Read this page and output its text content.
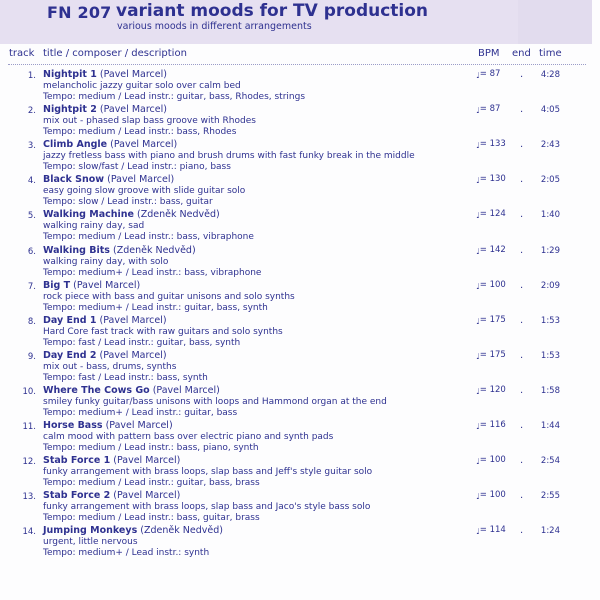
FN 207 variant moods for TV production
various moods in different arrangements
track title / composer / description	BPM end time
1. Nightpit 1 (Pavel Marcel)
melancholic jazzy guitar solo over calm bed
Tempo: medium / Lead instr.: guitar, bass, Rhodes, strings
♩= 87 .	4:28
2. Nightpit 2 (Pavel Marcel)
mix out - phased slap bass groove with Rhodes
Tempo: medium / Lead instr.: bass, Rhodes
♩= 87 .	4:05
3. Climb Angle (Pavel Marcel)
jazzy fretless bass with piano and brush drums with fast funky break in the middle
Tempo: slow/fast / Lead instr.: piano, bass
♩= 133 .	2:43
4. Black Snow (Pavel Marcel)
easy going slow groove with slide guitar solo
Tempo: slow / Lead instr.: bass, guitar
♩= 130 .	2:05
5. Walking Machine (Zdeněk Nedvěd)
walking rainy day, sad
Tempo: medium / Lead instr.: bass, vibraphone
♩= 124 .	1:40
6. Walking Bits (Zdeněk Nedvěd)
walking rainy day, with solo
Tempo: medium+ / Lead instr.: bass, vibraphone
♩= 142 .	1:29
7. Big T (Pavel Marcel)
rock piece with bass and guitar unisons and solo synths
Tempo: medium+ / Lead instr.: guitar, bass, synth
♩= 100 .	2:09
8. Day End 1 (Pavel Marcel)
Hard Core fast track with raw guitars and solo synths
Tempo: fast / Lead instr.: guitar, bass, synth
♩= 175 .	1:53
9. Day End 2 (Pavel Marcel)
mix out - bass, drums, synths
Tempo: fast / Lead instr.: bass, synth
♩= 175 .	1:53
10. Where The Cows Go (Pavel Marcel)
smiley funky guitar/bass unisons with loops and Hammond organ at the end
Tempo: medium+ / Lead instr.: guitar, bass
♩= 120 .	1:58
11. Horse Bass (Pavel Marcel)
calm mood with pattern bass over electric piano and synth pads
Tempo: medium / Lead instr.: bass, piano, synth
♩= 116 .	1:44
12. Stab Force 1 (Pavel Marcel)
funky arrangement with brass loops, slap bass and Jeff's style guitar solo
Tempo: medium / Lead instr.: guitar, bass, brass
♩= 100 .	2:54
13. Stab Force 2 (Pavel Marcel)
funky arrangement with brass loops, slap bass and Jaco's style bass solo
Tempo: medium / Lead instr.: bass, guitar, brass
♩= 100 .	2:55
14. Jumping Monkeys (Zdeněk Nedvěd)
urgent, little nervous
Tempo: medium+ / Lead instr.: synth
♩= 114 .	1:24
